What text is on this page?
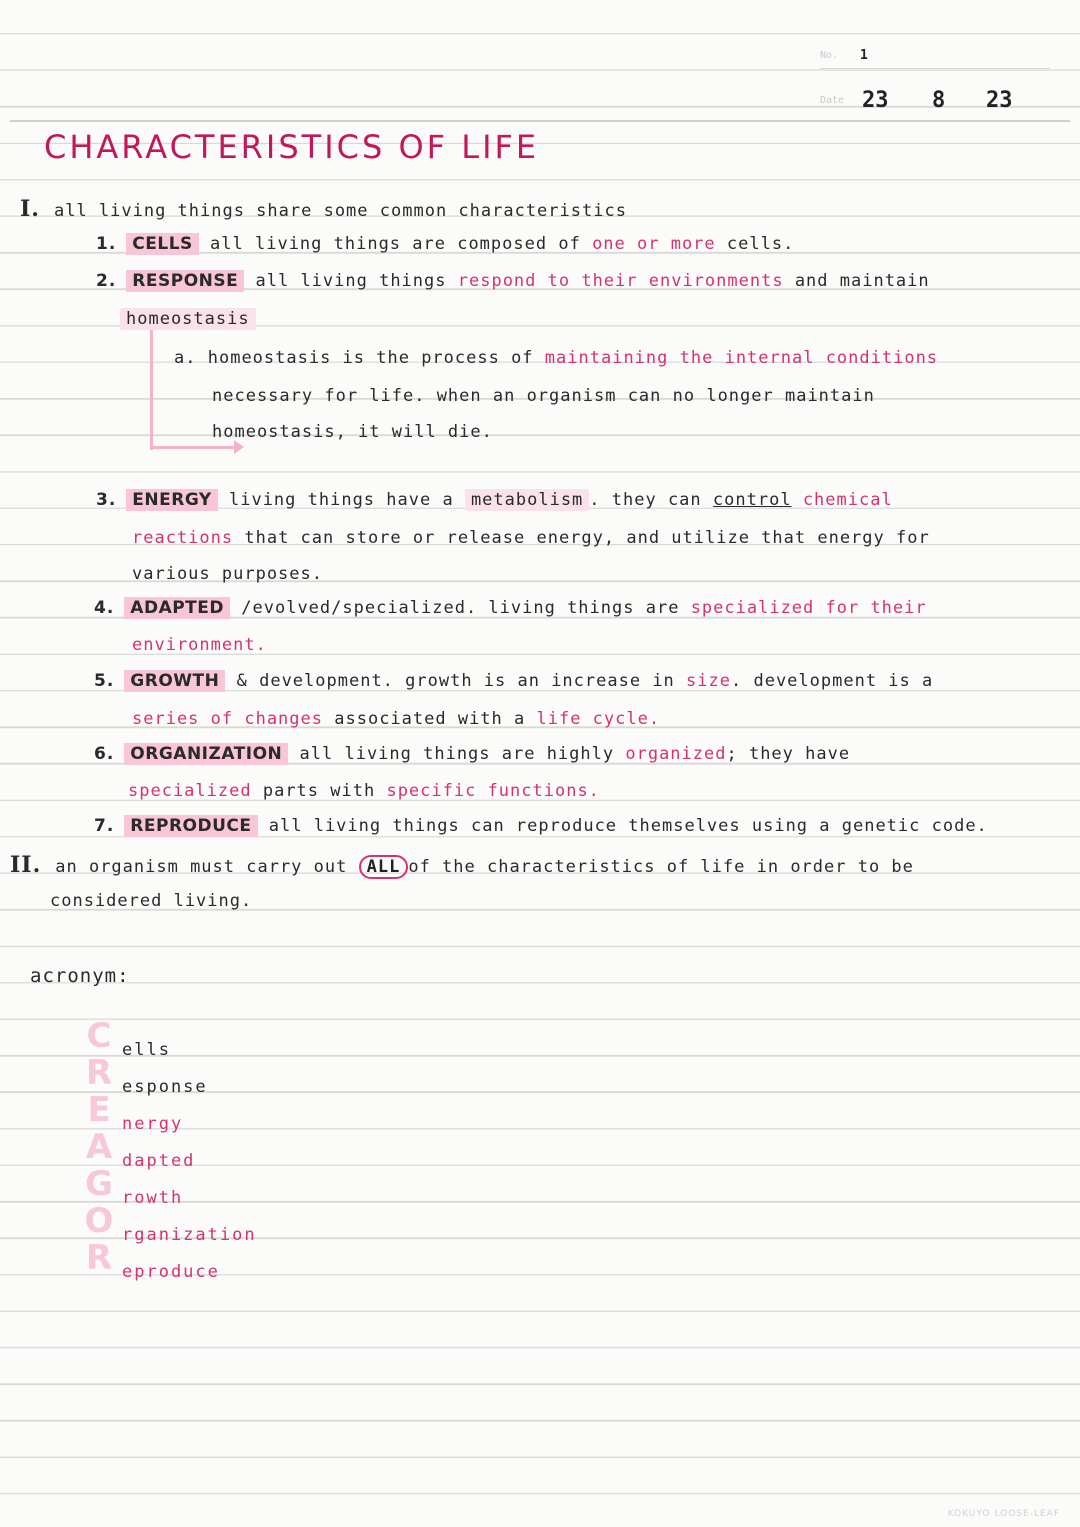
No. 1
Date 23 8 23
CHARACTERISTICS OF LIFE
I. all living things share some common characteristics
1. CELLS all living things are composed of one or more cells.
2. RESPONSE all living things respond to their environments and maintain
homeostasis
a. homeostasis is the process of maintaining the internal conditions
necessary for life. when an organism can no longer maintain
homeostasis, it will die.
3. ENERGY living things have a metabolism . they can control chemical
reactions that can store or release energy, and utilize that energy for
various purposes.
4. ADAPTED /evolved/specialized. living things are specialized for their
environment.
5. GROWTH & development. growth is an increase in size. development is a
series of changes associated with a life cycle.
6. ORGANIZATION all living things are highly organized; they have
specialized parts with specific functions.
7. REPRODUCE all living things can reproduce themselves using a genetic code.
II. an organism must carry out ALL of the characteristics of life in order to be
considered living.
acronym:
C
R
E
A
G
O
R
ells
esponse
nergy
dapted
rowth
rganization
eproduce
KOKUYO LOOSE-LEAF
